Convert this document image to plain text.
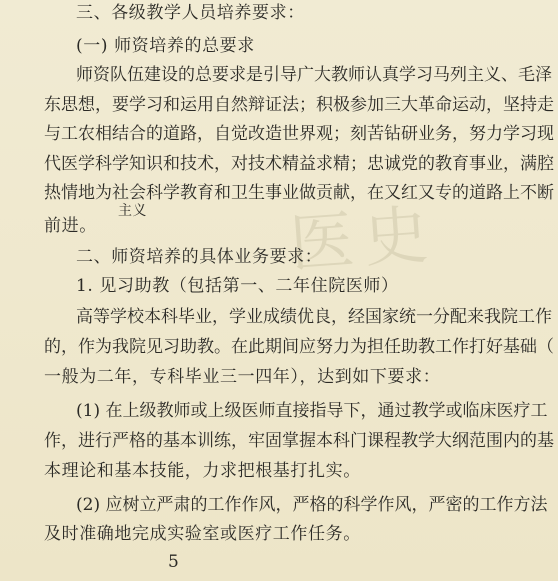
医史
三、各级教学人员培养要求：
(一) 师资培养的总要求
师资队伍建设的总要求是引导广大教师认真学习马列主义、毛泽
东思想，要学习和运用自然辩证法；积极参加三大革命运动，坚持走
与工农相结合的道路，自觉改造世界观；刻苦钻研业务，努力学习现
代医学科学知识和技术，对技术精益求精；忠诚党的教育事业，满腔
热情地为社会科学教育和卫生事业做贡献，在又红又专的道路上不断
主义
前进。
二、师资培养的具体业务要求：
1. 见习助教（包括第一、二年住院医师）
高等学校本科毕业，学业成绩优良，经国家统一分配来我院工作
的，作为我院见习助教。在此期间应努力为担任助教工作打好基础（
一般为二年，专科毕业三一四年），达到如下要求：
(1) 在上级教师或上级医师直接指导下，通过教学或临床医疗工
作，进行严格的基本训练，牢固掌握本科门课程教学大纲范围内的基
本理论和基本技能，力求把根基打扎实。
(2) 应树立严肃的工作作风，严格的科学作风，严密的工作方法
及时准确地完成实验室或医疗工作任务。
5
